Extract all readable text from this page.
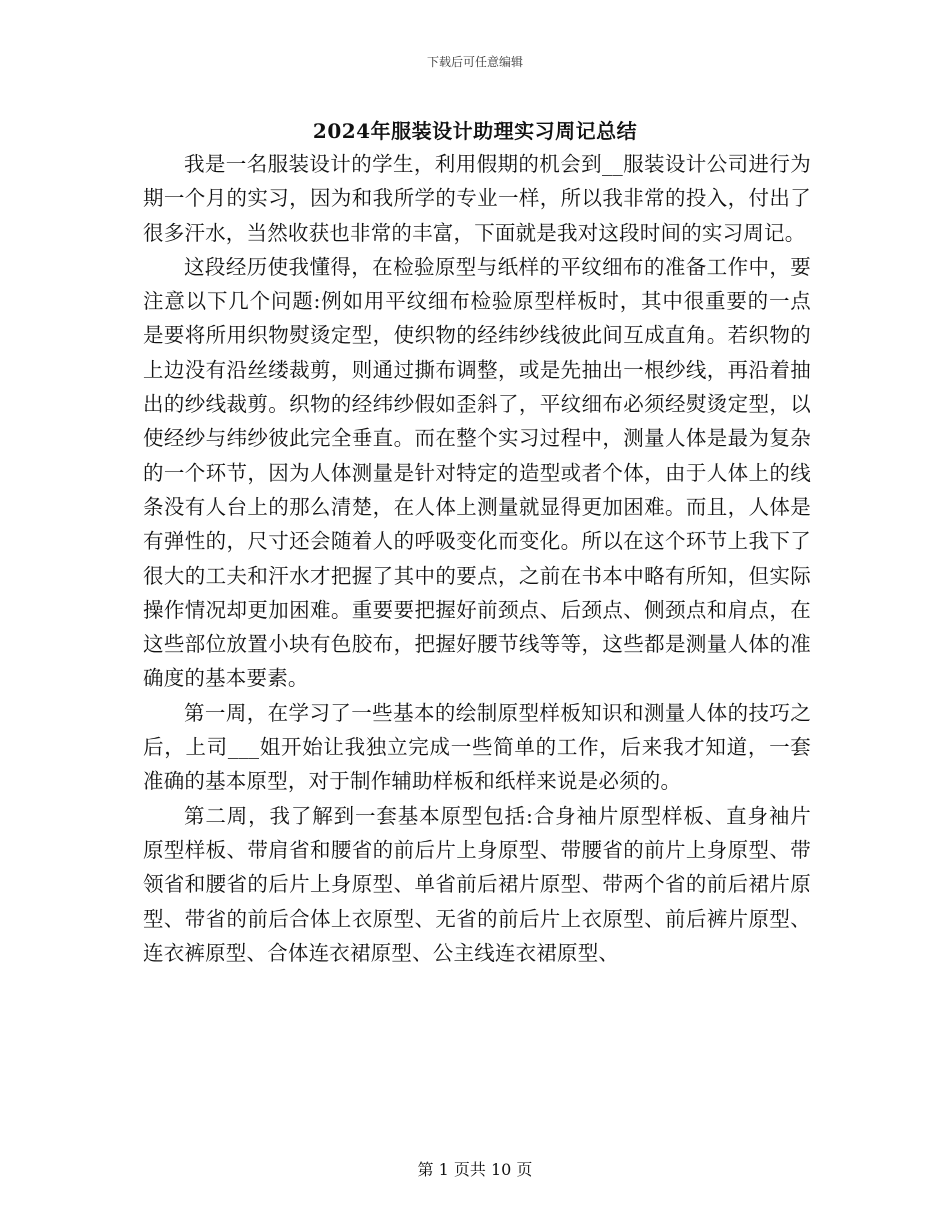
下载后可任意编辑
2024年服装设计助理实习周记总结

我是一名服装设计的学生，利用假期的机会到__服装设计公司进行为期一个月的实习，因为和我所学的专业一样，所以我非常的投入，付出了很多汗水，当然收获也非常的丰富，下面就是我对这段时间的实习周记。

这段经历使我懂得，在检验原型与纸样的平纹细布的准备工作中，要注意以下几个问题:例如用平纹细布检验原型样板时，其中很重要的一点是要将所用织物熨烫定型，使织物的经纬纱线彼此间互成直角。若织物的上边没有沿丝缕裁剪，则通过撕布调整，或是先抽出一根纱线，再沿着抽出的纱线裁剪。织物的经纬纱假如歪斜了，平纹细布必须经熨烫定型，以使经纱与纬纱彼此完全垂直。而在整个实习过程中，测量人体是最为复杂的一个环节，因为人体测量是针对特定的造型或者个体，由于人体上的线条没有人台上的那么清楚，在人体上测量就显得更加困难。而且，人体是有弹性的，尺寸还会随着人的呼吸变化而变化。所以在这个环节上我下了很大的工夫和汗水才把握了其中的要点，之前在书本中略有所知，但实际操作情况却更加困难。重要要把握好前颈点、后颈点、侧颈点和肩点，在这些部位放置小块有色胶布，把握好腰节线等等，这些都是测量人体的准确度的基本要素。

第一周，在学习了一些基本的绘制原型样板知识和测量人体的技巧之后，上司___姐开始让我独立完成一些简单的工作，后来我才知道，一套准确的基本原型，对于制作辅助样板和纸样来说是必须的。

第二周，我了解到一套基本原型包括:合身袖片原型样板、直身袖片原型样板、带肩省和腰省的前后片上身原型、带腰省的前片上身原型、带领省和腰省的后片上身原型、单省前后裙片原型、带两个省的前后裙片原型、带省的前后合体上衣原型、无省的前后片上衣原型、前后裤片原型、连衣裤原型、合体连衣裙原型、公主线连衣裙原型、

第 1 页共 10 页
